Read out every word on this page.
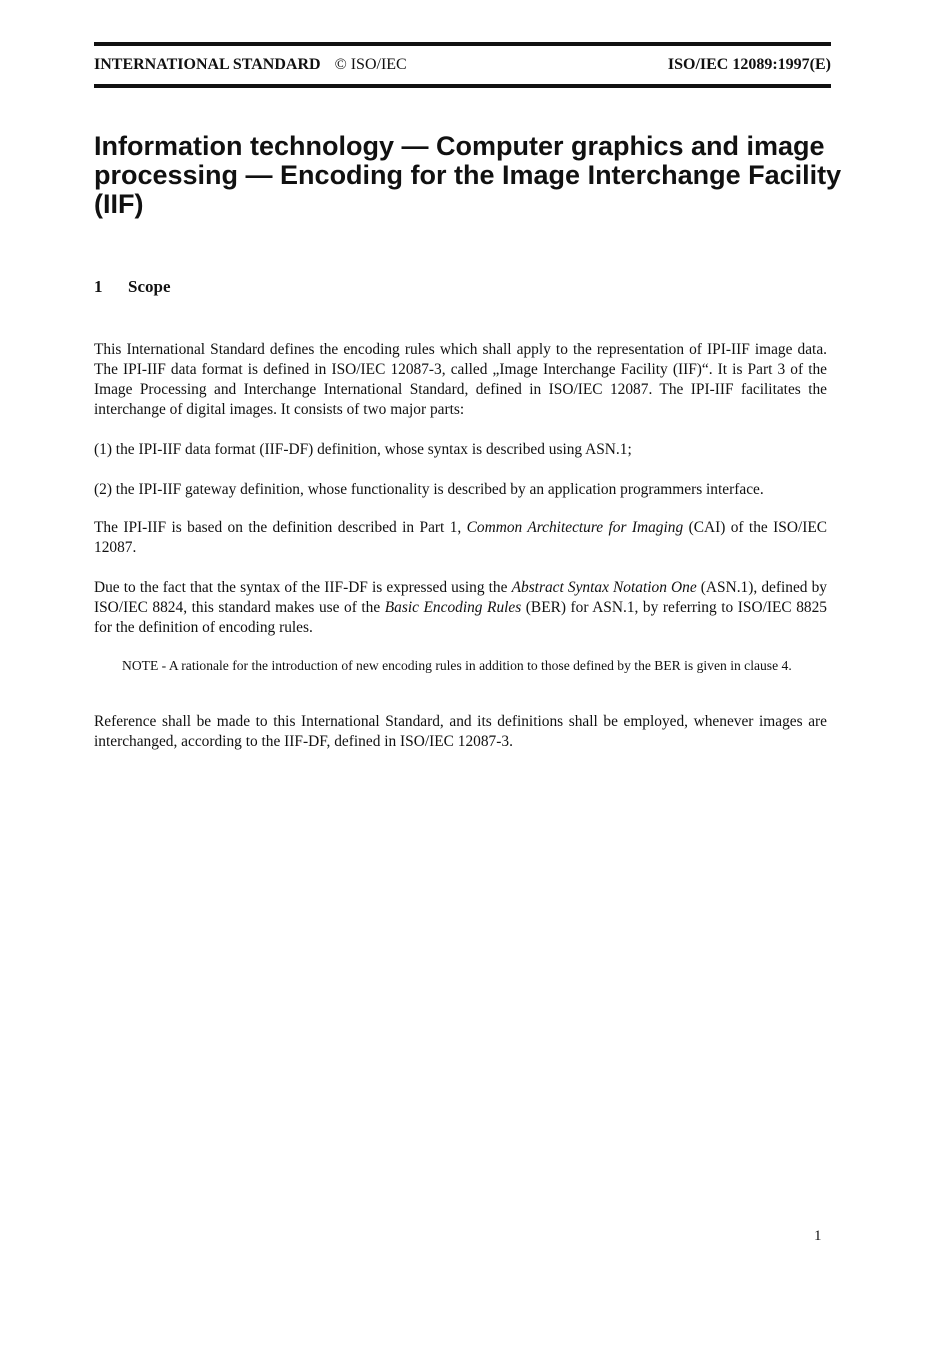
INTERNATIONAL STANDARD © ISO/IEC	ISO/IEC 12089:1997(E)
Information technology — Computer graphics and image
processing — Encoding for the Image Interchange Facility
(IIF)
1 Scope

This International Standard defines the encoding rules which shall apply to the representation of IPI-IIF image data. The IPI-IIF data format is defined in ISO/IEC 12087-3, called „Image Interchange Facility (IIF)“. It is Part 3 of the Image Processing and Interchange International Standard, defined in ISO/IEC 12087. The IPI-IIF facilitates the interchange of digital images. It consists of two major parts:

(1) the IPI-IIF data format (IIF-DF) definition, whose syntax is described using ASN.1;

(2) the IPI-IIF gateway definition, whose functionality is described by an application programmers interface.

The IPI-IIF is based on the definition described in Part 1, Common Architecture for Imaging (CAI) of the ISO/IEC 12087.

Due to the fact that the syntax of the IIF-DF is expressed using the Abstract Syntax Notation One (ASN.1), defined by ISO/IEC 8824, this standard makes use of the Basic Encoding Rules (BER) for ASN.1, by referring to ISO/IEC 8825 for the definition of encoding rules.

NOTE - A rationale for the introduction of new encoding rules in addition to those defined by the BER is given in clause 4.

Reference shall be made to this International Standard, and its definitions shall be employed, whenever images are interchanged, according to the IIF-DF, defined in ISO/IEC 12087-3.

1
